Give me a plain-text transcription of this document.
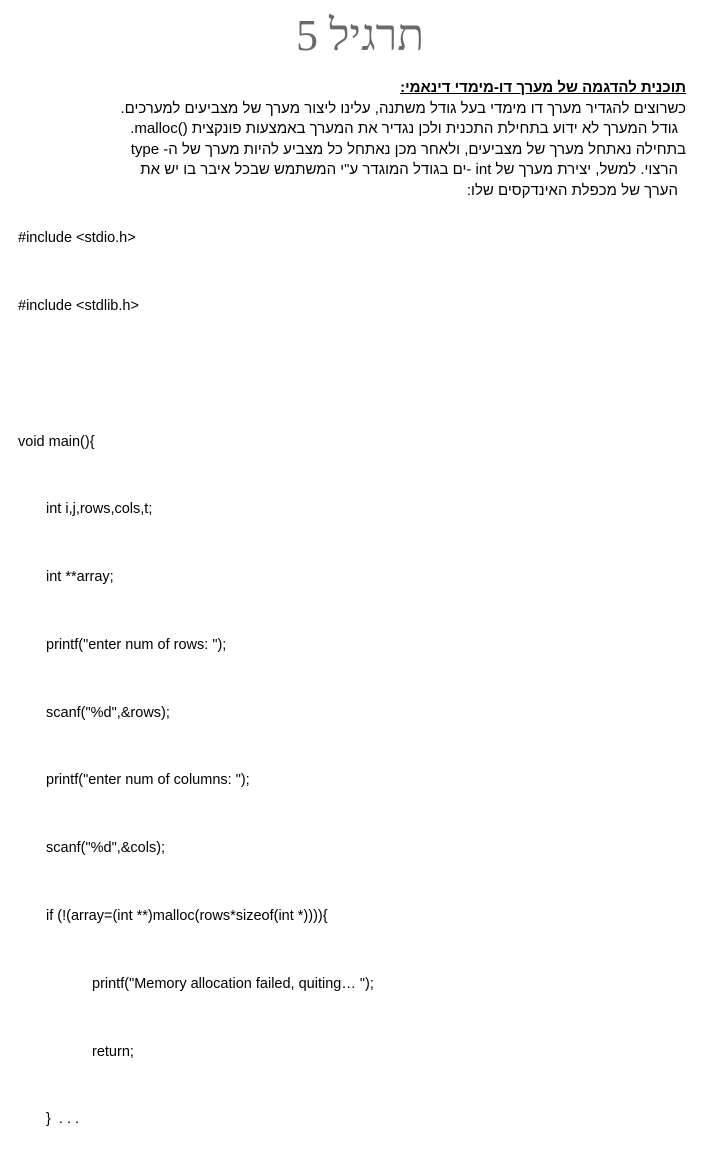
תרגיל 5
תוכנית להדגמה של מערך דו-מימדי דינאמי:
כשרוצים להגדיר מערך דו מימדי בעל גודל משתנה, עלינו ליצור מערך של מצביעים למערכים.
גודל המערך לא ידוע בתחילת התכנית ולכן נגדיר את המערך באמצעות פונקצית ()malloc.
בתחילה נאתחל מערך של מצביעים, ולאחר מכן נאתחל כל מצביע להיות מערך של ה- type
הרצוי. למשל, יצירת מערך של int -ים בגודל המוגדר ע"י המשתמש שבכל איבר בו יש את
הערך של מכפלת האינדקסים שלו:

#include <stdio.h>

#include <stdlib.h>

void main(){

int i,j,rows,cols,t;

int **array;

printf("enter num of rows: ");

scanf("%d",&rows);

printf("enter num of columns: ");

scanf("%d",&cols);

if (!(array=(int **)malloc(rows*sizeof(int *)))){

printf("Memory allocation failed, quiting… ");

return;

}  . . .
